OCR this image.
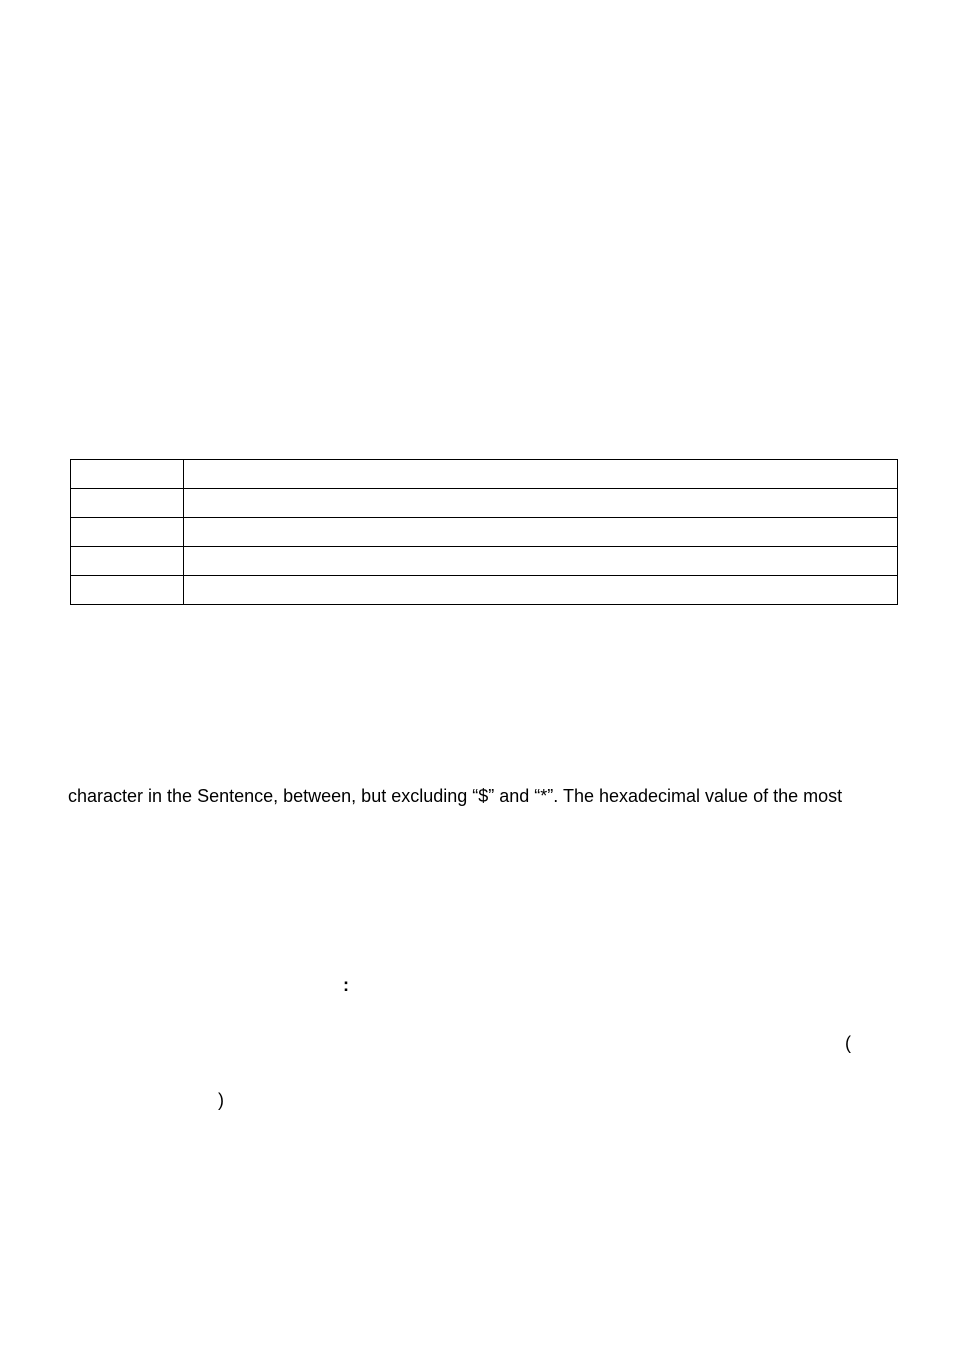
character in the Sentence, between, but excluding “$” and “*”. The hexadecimal value of the most
:
(
)
